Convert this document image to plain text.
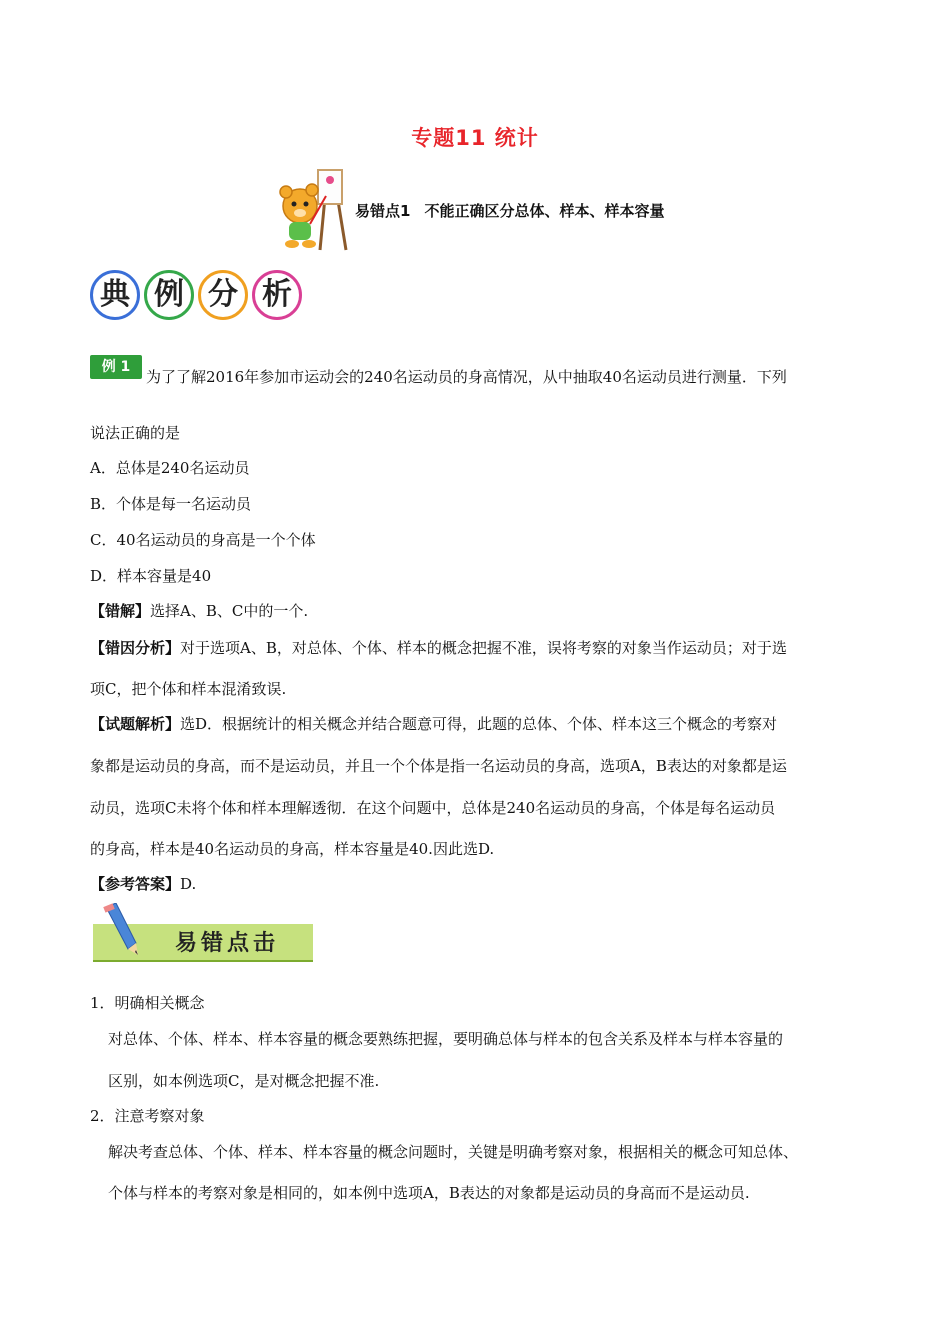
专题11 统计
易错点1 不能正确区分总体、样本、样本容量
典 例 分 析
例 1
为了了解2016年参加市运动会的240名运动员的身高情况，从中抽取40名运动员进行测量．下列
说法正确的是
A．总体是240名运动员
B．个体是每一名运动员
C．40名运动员的身高是一个个体
D．样本容量是40
【错解】选择A、B、C中的一个.
【错因分析】对于选项A、B，对总体、个体、样本的概念把握不准，误将考察的对象当作运动员；对于选
项C，把个体和样本混淆致误.
【试题解析】选D．根据统计的相关概念并结合题意可得，此题的总体、个体、样本这三个概念的考察对
象都是运动员的身高，而不是运动员，并且一个个体是指一名运动员的身高，选项A，B表达的对象都是运
动员，选项C未将个体和样本理解透彻．在这个问题中，总体是240名运动员的身高，个体是每名运动员
的身高，样本是40名运动员的身高，样本容量是40.因此选D.
【参考答案】D.
易错点击
1．明确相关概念
对总体、个体、样本、样本容量的概念要熟练把握，要明确总体与样本的包含关系及样本与样本容量的
区别，如本例选项C，是对概念把握不准.
2．注意考察对象
解决考查总体、个体、样本、样本容量的概念问题时，关键是明确考察对象，根据相关的概念可知总体、
个体与样本的考察对象是相同的，如本例中选项A，B表达的对象都是运动员的身高而不是运动员.
